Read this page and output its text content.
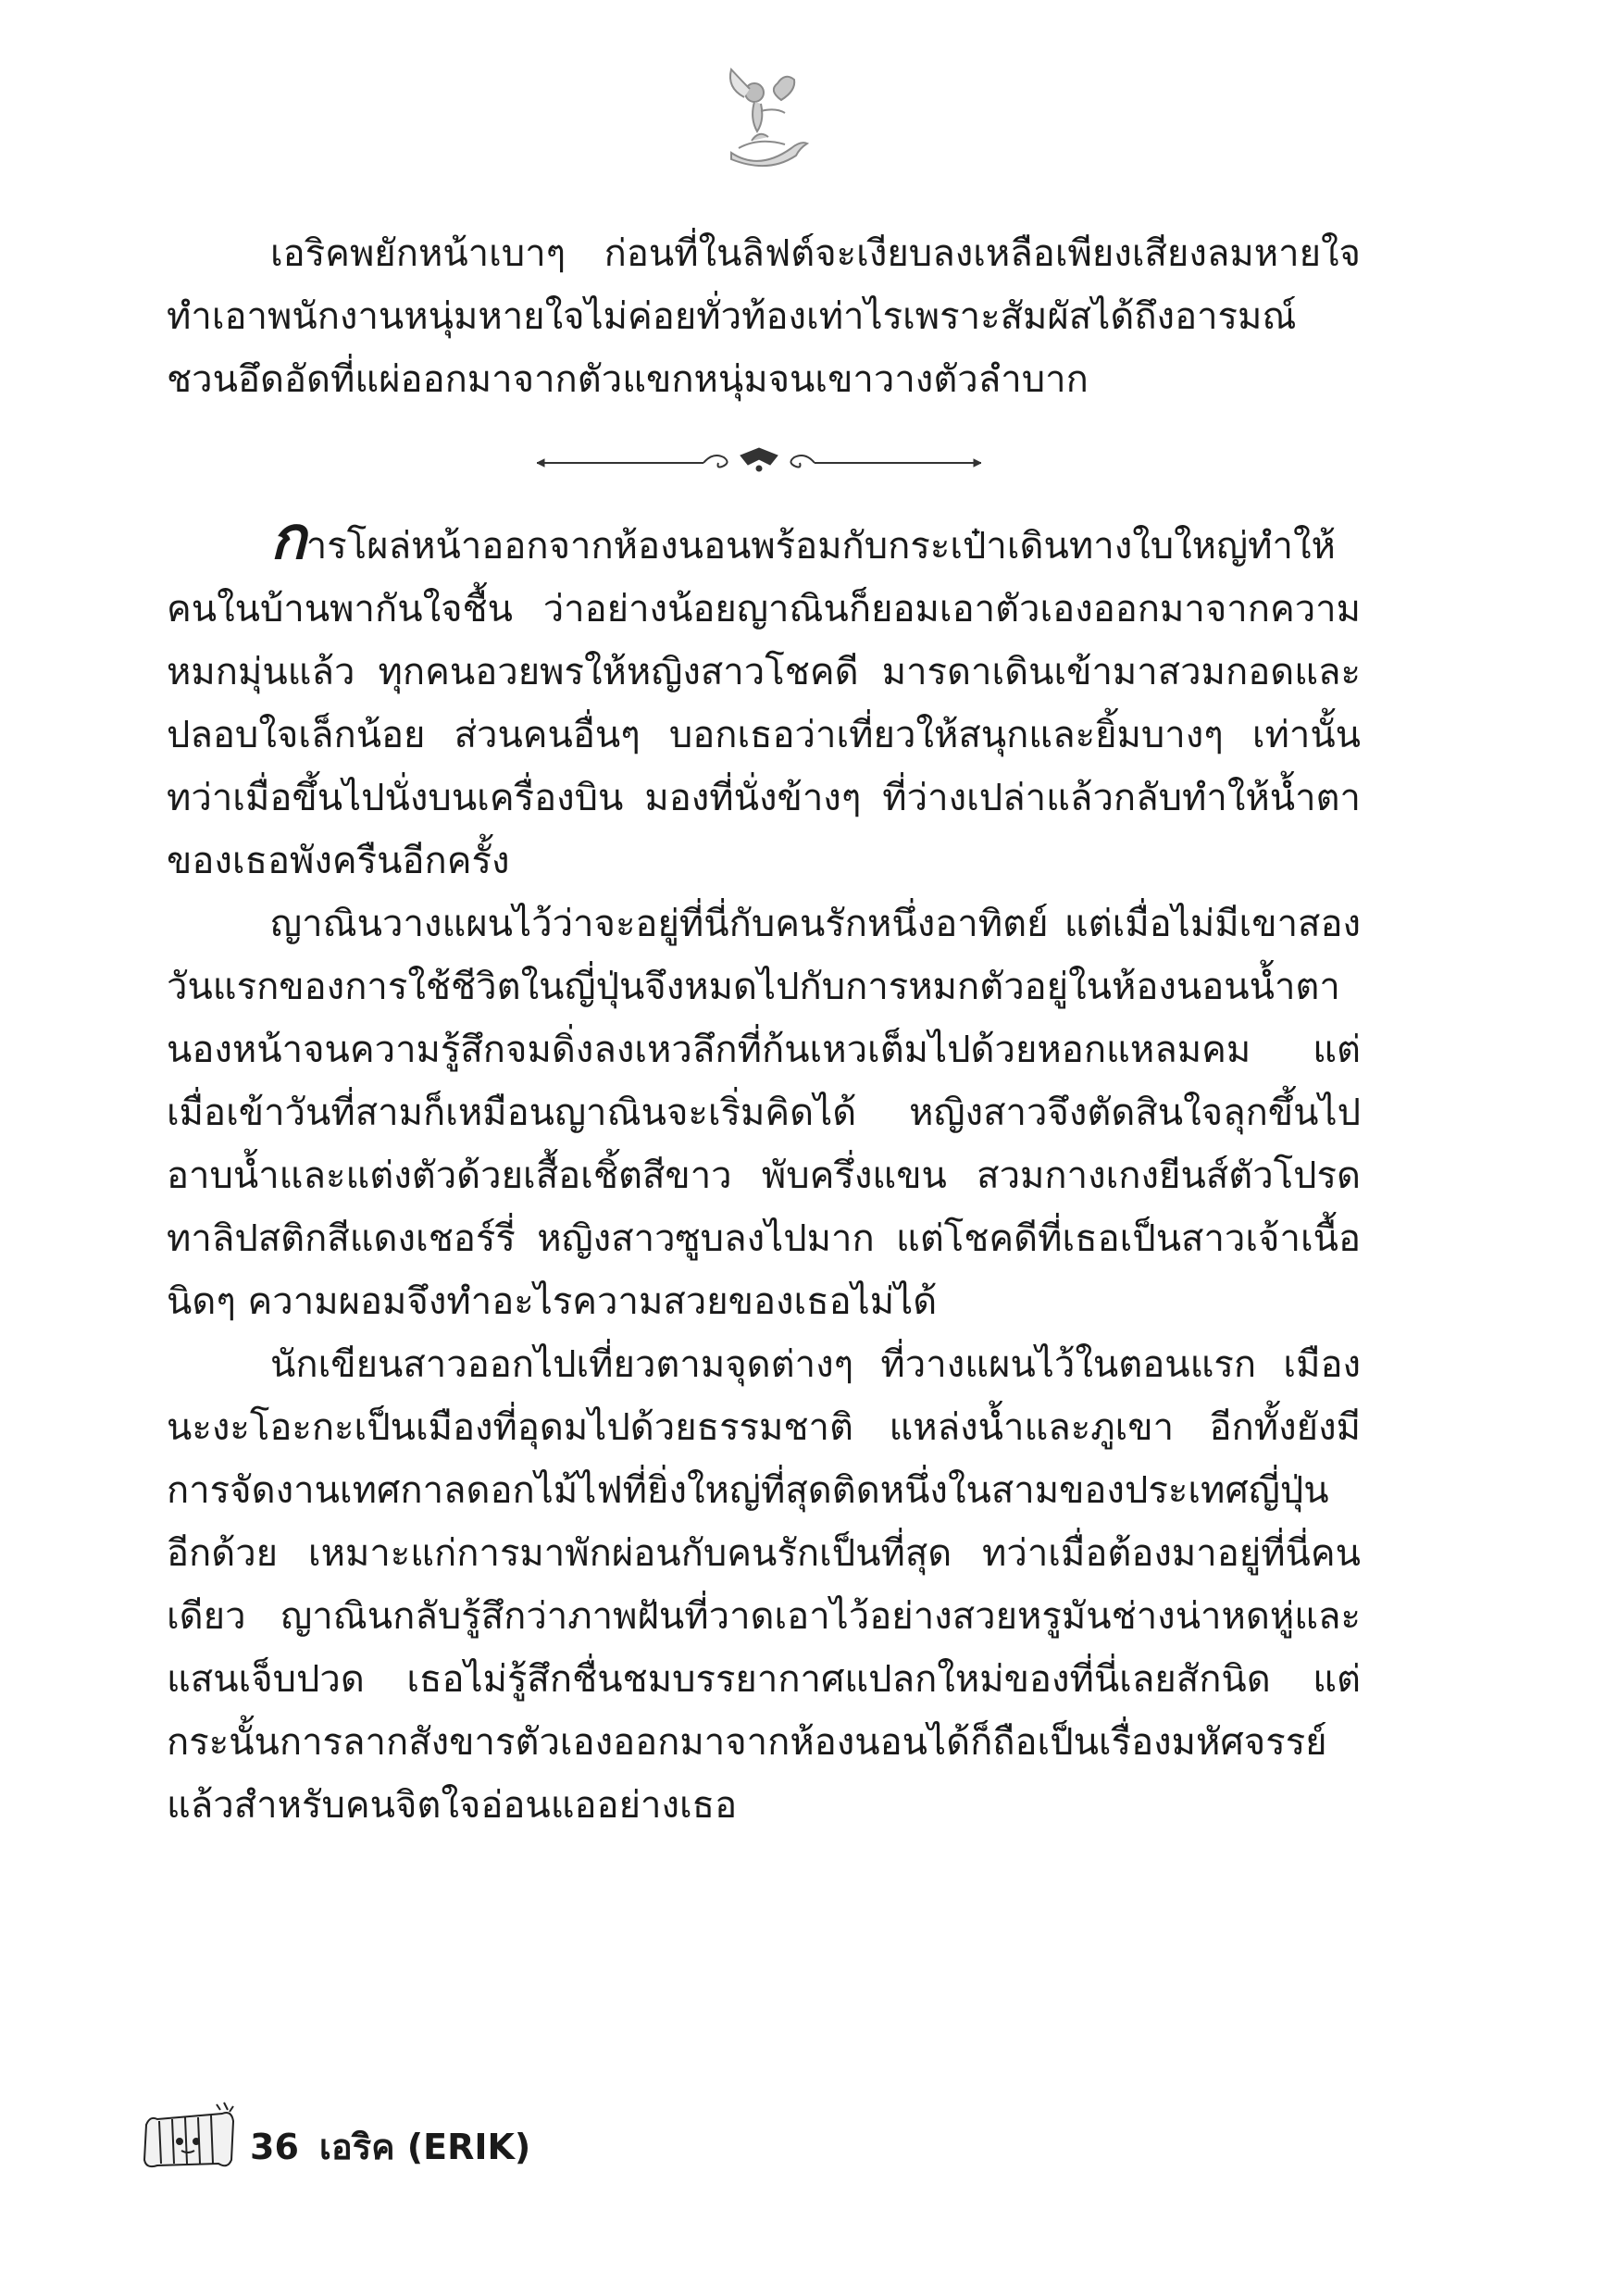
เอริคพยักหน้าเบาๆ ก่อนที่ในลิฟต์จะเงียบลงเหลือเพียงเสียงลมหายใจ ทำเอาพนักงานหนุ่มหายใจไม่ค่อยทั่วท้องเท่าไรเพราะสัมผัสได้ถึงอารมณ์ชวนอึดอัดที่แผ่ออกมาจากตัวแขกหนุ่มจนเขาวางตัวลำบาก

การโผล่หน้าออกจากห้องนอนพร้อมกับกระเป๋าเดินทางใบใหญ่ทำให้คนในบ้านพากันใจชื้น ว่าอย่างน้อยญาณินก็ยอมเอาตัวเองออกมาจากความหมกมุ่นแล้ว ทุกคนอวยพรให้หญิงสาวโชคดี มารดาเดินเข้ามาสวมกอดและปลอบใจเล็กน้อย ส่วนคนอื่นๆ บอกเธอว่าเที่ยวให้สนุกและยิ้มบางๆ เท่านั้น ทว่าเมื่อขึ้นไปนั่งบนเครื่องบิน มองที่นั่งข้างๆ ที่ว่างเปล่าแล้วกลับทำให้น้ำตาของเธอพังครืนอีกครั้ง

ญาณินวางแผนไว้ว่าจะอยู่ที่นี่กับคนรักหนึ่งอาทิตย์ แต่เมื่อไม่มีเขาสองวันแรกของการใช้ชีวิตในญี่ปุ่นจึงหมดไปกับการหมกตัวอยู่ในห้องนอนน้ำตานองหน้าจนความรู้สึกจมดิ่งลงเหวลึกที่ก้นเหวเต็มไปด้วยหอกแหลมคม แต่เมื่อเข้าวันที่สามก็เหมือนญาณินจะเริ่มคิดได้ หญิงสาวจึงตัดสินใจลุกขึ้นไปอาบน้ำและแต่งตัวด้วยเสื้อเชิ้ตสีขาว พับครึ่งแขน สวมกางเกงยีนส์ตัวโปรด ทาลิปสติกสีแดงเชอร์รี่ หญิงสาวซูบลงไปมาก แต่โชคดีที่เธอเป็นสาวเจ้าเนื้อนิดๆ ความผอมจึงทำอะไรความสวยของเธอไม่ได้

นักเขียนสาวออกไปเที่ยวตามจุดต่างๆ ที่วางแผนไว้ในตอนแรก เมืองนะงะโอะกะเป็นเมืองที่อุดมไปด้วยธรรมชาติ แหล่งน้ำและภูเขา อีกทั้งยังมีการจัดงานเทศกาลดอกไม้ไฟที่ยิ่งใหญ่ที่สุดติดหนึ่งในสามของประเทศญี่ปุ่นอีกด้วย เหมาะแก่การมาพักผ่อนกับคนรักเป็นที่สุด ทว่าเมื่อต้องมาอยู่ที่นี่คนเดียว ญาณินกลับรู้สึกว่าภาพฝันที่วาดเอาไว้อย่างสวยหรูมันช่างน่าหดหู่และแสนเจ็บปวด เธอไม่รู้สึกชื่นชมบรรยากาศแปลกใหม่ของที่นี่เลยสักนิด แต่กระนั้นการลากสังขารตัวเองออกมาจากห้องนอนได้ก็ถือเป็นเรื่องมหัศจรรย์แล้วสำหรับคนจิตใจอ่อนแออย่างเธอ

36 เอริค (ERIK)
